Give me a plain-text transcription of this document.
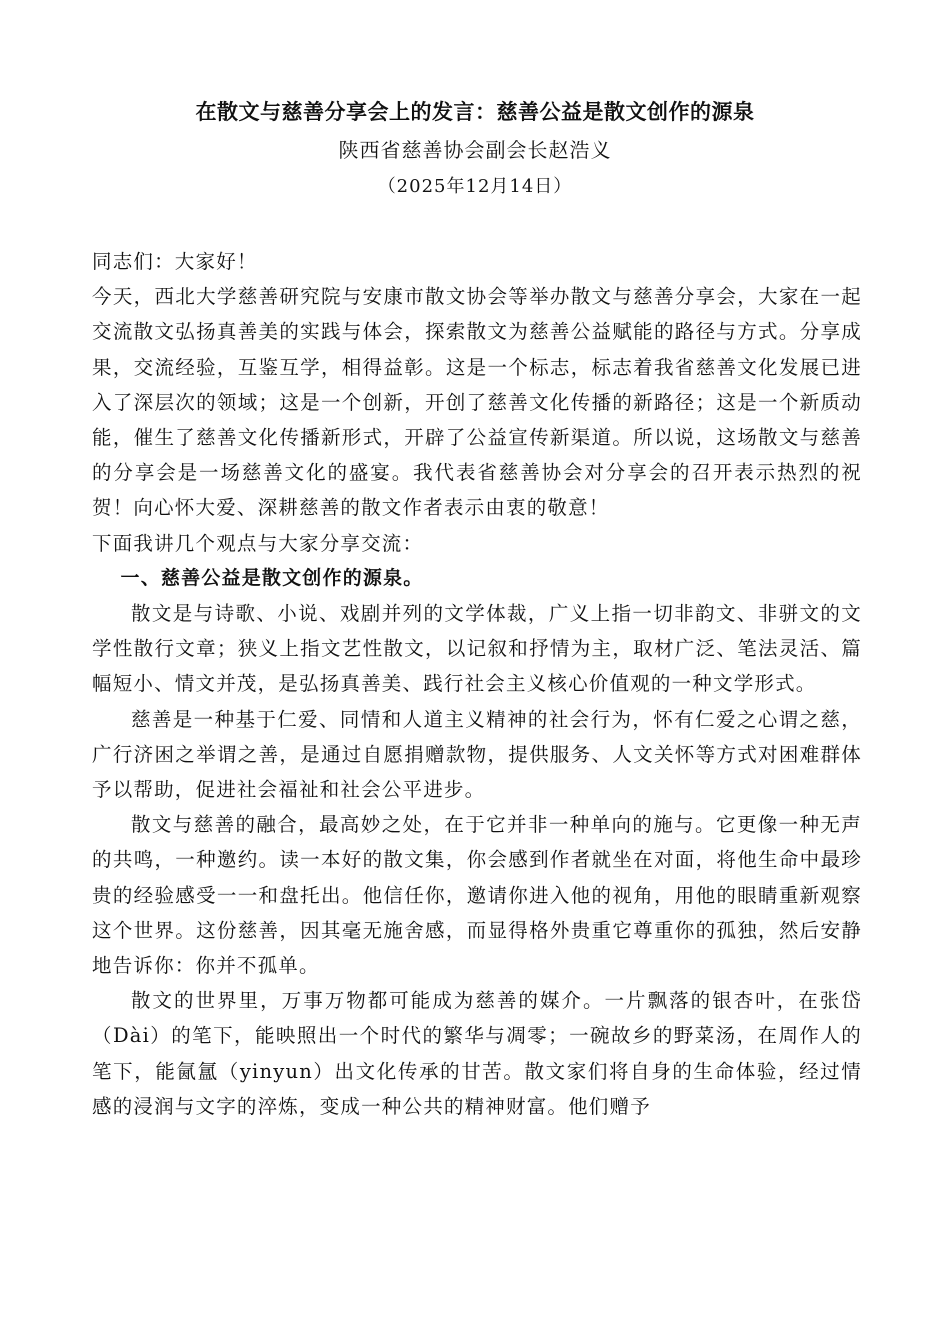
在散文与慈善分享会上的发言：慈善公益是散文创作的源泉
陕西省慈善协会副会长赵浩义
（2025年12月14日）

同志们：大家好！

今天，西北大学慈善研究院与安康市散文协会等举办散文与慈善分享会，大家在一起交流散文弘扬真善美的实践与体会，探索散文为慈善公益赋能的路径与方式。分享成果，交流经验，互鉴互学，相得益彰。这是一个标志，标志着我省慈善文化发展已进入了深层次的领域；这是一个创新，开创了慈善文化传播的新路径；这是一个新质动能，催生了慈善文化传播新形式，开辟了公益宣传新渠道。所以说，这场散文与慈善的分享会是一场慈善文化的盛宴。我代表省慈善协会对分享会的召开表示热烈的祝贺！向心怀大爱、深耕慈善的散文作者表示由衷的敬意！

下面我讲几个观点与大家分享交流：

一、慈善公益是散文创作的源泉。

散文是与诗歌、小说、戏剧并列的文学体裁，广义上指一切非韵文、非骈文的文学性散行文章；狭义上指文艺性散文，以记叙和抒情为主，取材广泛、笔法灵活、篇幅短小、情文并茂，是弘扬真善美、践行社会主义核心价值观的一种文学形式。

慈善是一种基于仁爱、同情和人道主义精神的社会行为，怀有仁爱之心谓之慈，广行济困之举谓之善，是通过自愿捐赠款物，提供服务、人文关怀等方式对困难群体予以帮助，促进社会福祉和社会公平进步。

散文与慈善的融合，最高妙之处，在于它并非一种单向的施与。它更像一种无声的共鸣，一种邀约。读一本好的散文集，你会感到作者就坐在对面，将他生命中最珍贵的经验感受一一和盘托出。他信任你，邀请你进入他的视角，用他的眼睛重新观察这个世界。这份慈善，因其毫无施舍感，而显得格外贵重它尊重你的孤独，然后安静地告诉你：你并不孤单。

散文的世界里，万事万物都可能成为慈善的媒介。一片飘落的银杏叶，在张岱（Dài）的笔下，能映照出一个时代的繁华与凋零；一碗故乡的野菜汤，在周作人的笔下，能氤氲（yinyun）出文化传承的甘苦。散文家们将自身的生命体验，经过情感的浸润与文字的淬炼，变成一种公共的精神财富。他们赠予
